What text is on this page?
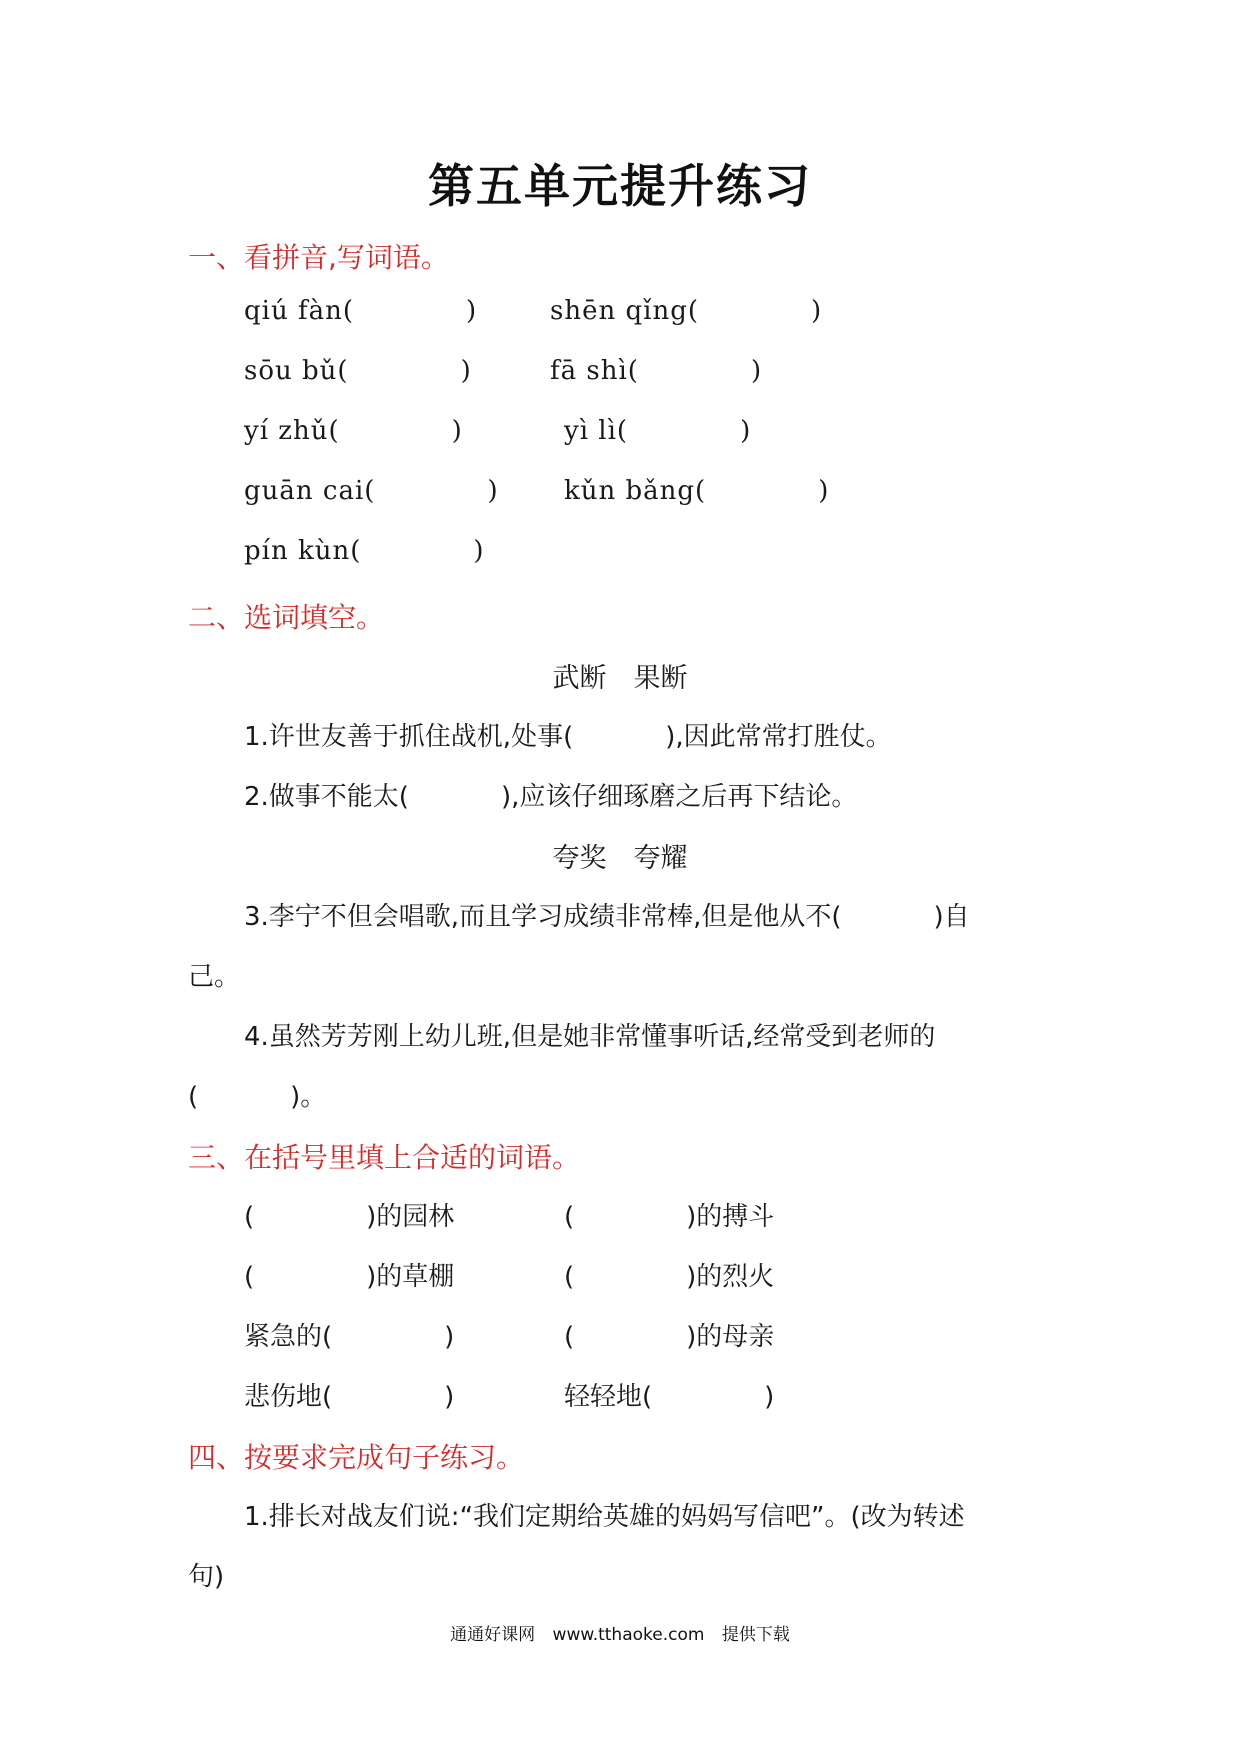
第五单元提升练习
一、看拼音,写词语。
qiú fàn(	)	shēn qǐng(	)
sōu bǔ(	)	fā shì(	)
yí zhǔ(	)	yì lì(	)
guān cai(	)	kǔn bǎng(	)
pín kùn(	)
二、选词填空。
武断　果断
1.许世友善于抓住战机,处事(	),因此常常打胜仗。
2.做事不能太(	),应该仔细琢磨之后再下结论。
夸奖　夸耀
3.李宁不但会唱歌,而且学习成绩非常棒,但是他从不(	)自
己。
4.虽然芳芳刚上幼儿班,但是她非常懂事听话,经常受到老师的
(	)。
三、在括号里填上合适的词语。
(	)的园林	(	)的搏斗
(	)的草棚	(	)的烈火
紧急的(	)	(	)的母亲
悲伤地(	)	轻轻地(	)
四、按要求完成句子练习。
1.排长对战友们说:“我们定期给英雄的妈妈写信吧”。(改为转述
句)
通通好课网 www.tthaoke.com 提供下载
